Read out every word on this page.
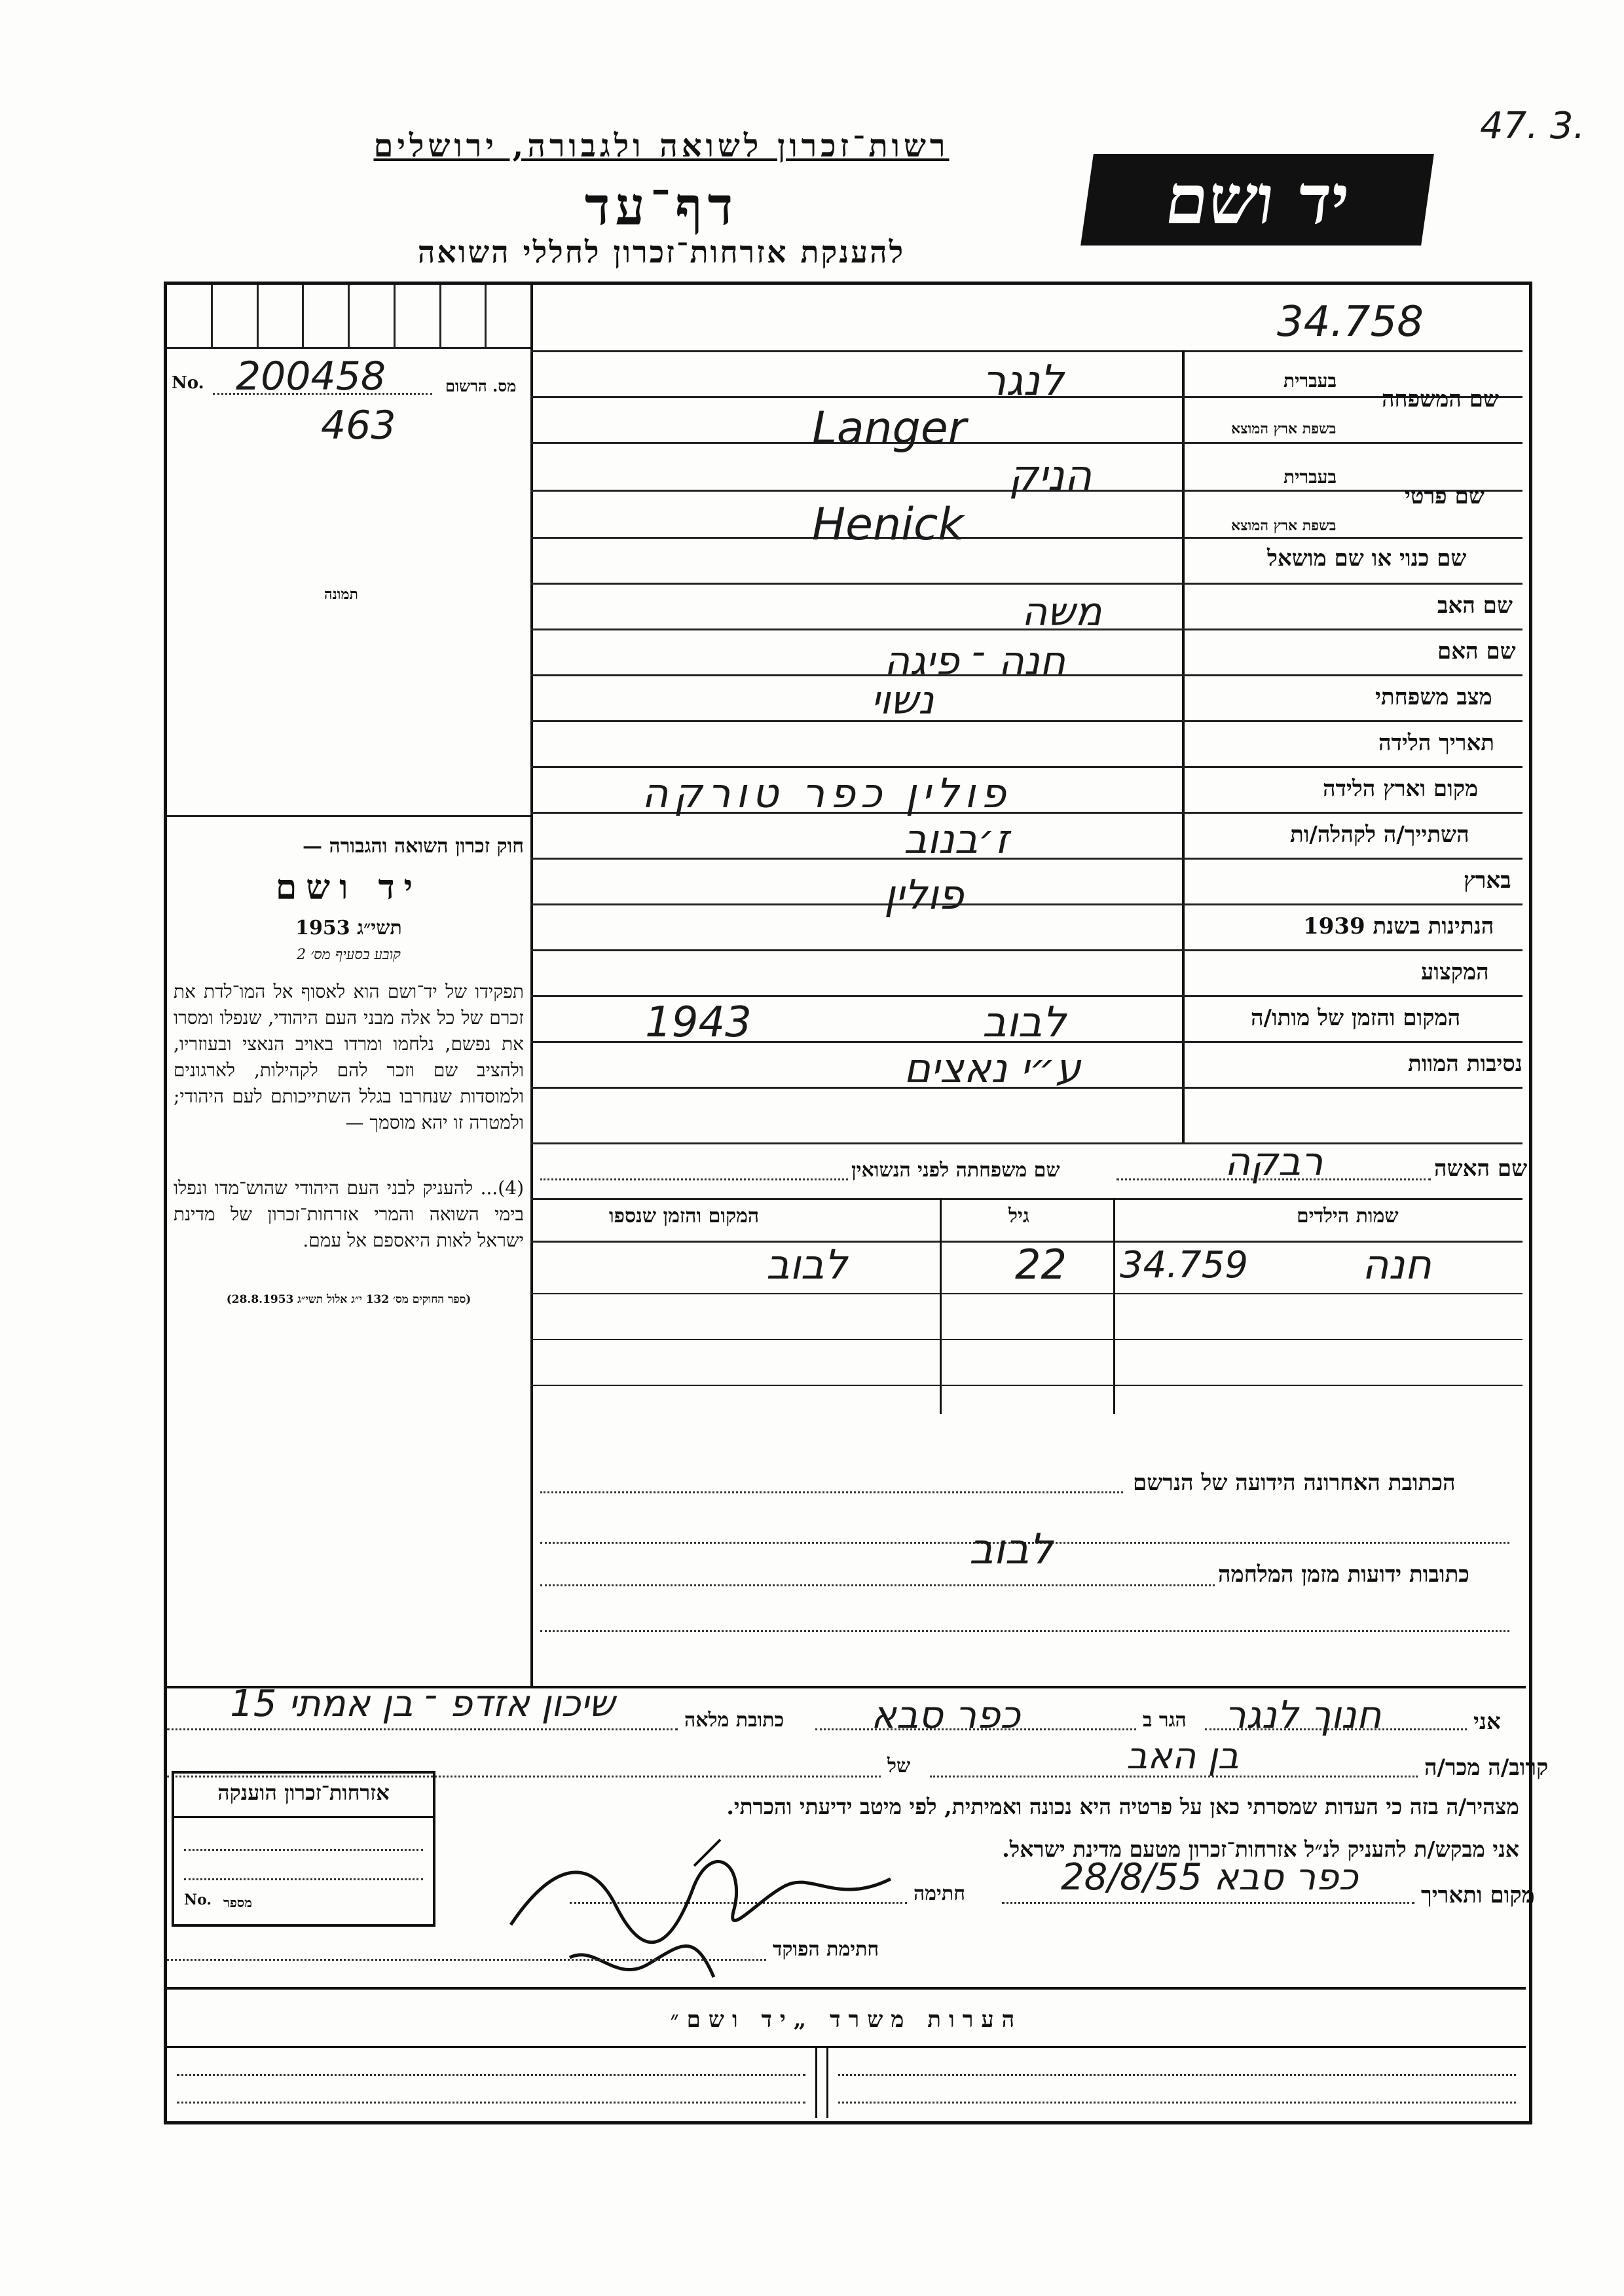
47. 3.
רשות־זכרון לשואה ולגבורה, ירושלים
דף־עד
להענקת אזרחות־זכרון לחללי השואה
יד ושם
34.758
No. 200458	מס. הרשום
463
תמונה
בעברית
שם המשפחה
בשפת ארץ המוצא
לנגר
Langer
בעברית
שם פרטי
בשפת ארץ המוצא
הניק
Henick
שם כנוי או שם מושאל
שם האב
משה
שם האם
חנה ־ פיגה
מצב משפחתי
נשוי
תאריך הלידה
מקום וארץ הלידה
פולין כפר טורקה
השתייך/ה לקהלה/ות
ז׳בנוב
בארץ
פולין
הנתינות בשנת 1939
המקצוע
המקום והזמן של מותו/ה
1943	לבוב
נסיבות המוות
ע״י נאצים
חוק זכרון השואה והגבורה —
יד ושם
תשי״ג 1953
קובע בסעיף מס׳ 2
תפקידו של יד־ושם הוא לאסוף אל המו־לדת את זכרם של כל אלה מבני העם היהודי, שנפלו ומסרו את נפשם, נלחמו ומרדו באויב הנאצי ובעוזריו, ולהציב שם וזכר להם לקהילות, לארגונים ולמוסדות שנחרבו בגלל השתייכותם לעם היהודי; ולמטרה זו יהא מוסמך —
(4)... להעניק לבני העם היהודי שהוש־מדו ונפלו בימי השואה והמרי אזרחות־זכרון של מדינת ישראל לאות היאספם אל עמם.
(ספר החוקים מס׳ 132 י״ג אלול תשי״ג 28.8.1953)
שם האשה
רבקה
שם משפחתה לפני הנשואין
שמות הילדים
גיל
המקום והזמן שנספו
חנה
34.759
22
לבוב
הכתובת האחרונה הידועה של הנרשם
כתובות ידועות מזמן המלחמה
לבוב
אני
חנוך לנגר
הגר ב
כפר סבא
כתובת מלאה
שיכון אזדפ ־ בן אמתי 15
קרוב/ה מכר/ה
בן האב
של
מצהיר/ה בזה כי העדות שמסרתי כאן על פרטיה היא נכונה ואמיתית, לפי מיטב ידיעתי והכרתי.
אני מבקש/ת להעניק לנ״ל אזרחות־זכרון מטעם מדינת ישראל.
מקום ותאריך
כפר סבא 28/8/55
חתימה
חתימת הפוקד
אזרחות־זכרון הוענקה
No. מספר
הערות משרד „יד ושם״
